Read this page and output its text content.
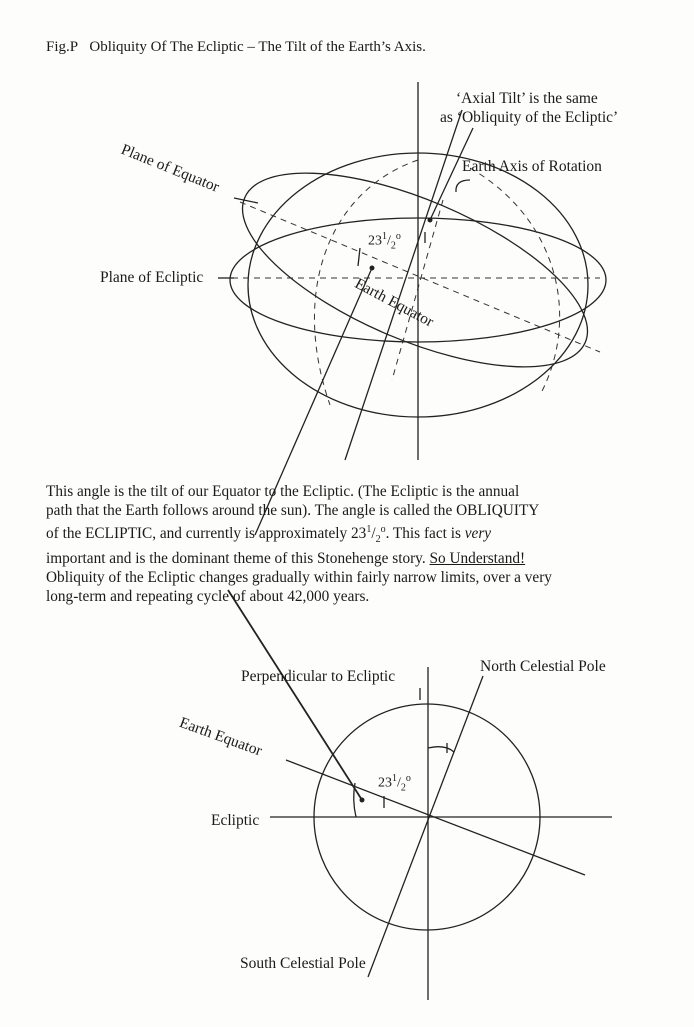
Fig.P Obliquity Of The Ecliptic – The Tilt of the Earth’s Axis.
‘Axial Tilt’ is the same
as ‘Obliquity of the Ecliptic’
Earth Axis of Rotation
Plane of Equator
Plane of Ecliptic	Earth Equator
$23^1/_2^o$
This angle is the tilt of our Equator to the Ecliptic. (The Ecliptic is the annual
path that the Earth follows around the sun). The angle is called the OBLIQUITY
of the ECLIPTIC, and currently is approximately $23^1/_2^o$. This fact is very
important and is the dominant theme of this Stonehenge story. So Understand!
Obliquity of the Ecliptic changes gradually within fairly narrow limits, over a very
long-term and repeating cycle of about 42,000 years.
Perpendicular to Ecliptic
North Celestial Pole
Earth Equator
Ecliptic
South Celestial Pole
$23^1/_2^o$
